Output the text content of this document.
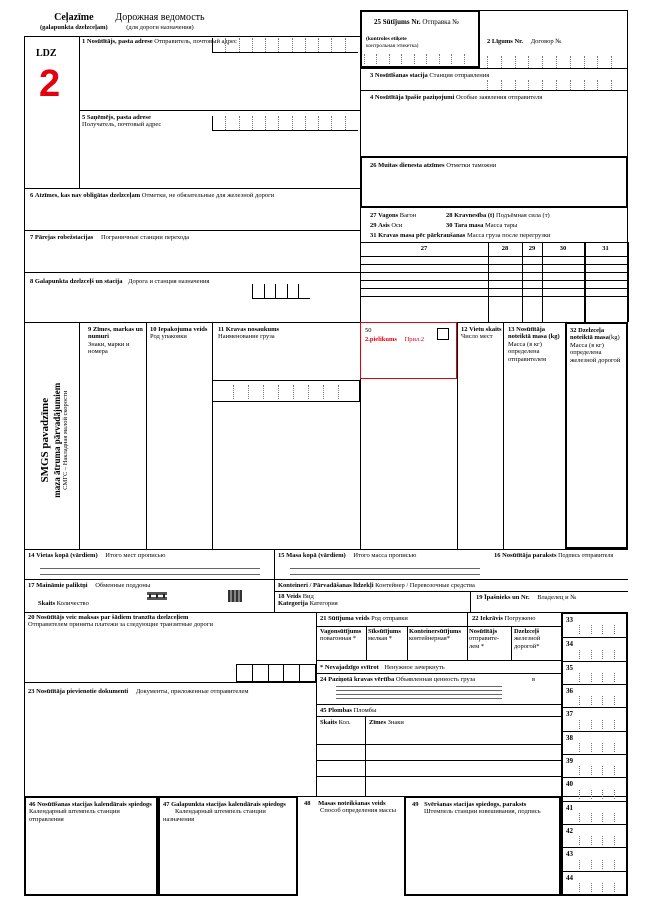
Ceļazīme
(galapunkta dzelzceļam)
Дорожная ведомость
(для дороги назначения)
LDZ
2
1 Nosūtītājs, pasta adrese Отправитель, почтовый адрес
5 Saņēmējs, pasta adrese
Получатель, почтовый адрес
6 Atzīmes, kas nav obligātas dzelzceļam Отметки, не обязательные для железной дороги
7 Pārejas robežstacijas Пограничные станции перехода
8 Galapunkta dzelzceļš un stacija Дорога и станция назначения
25 Sūtījums Nr. Отправка №
(kontroles etiķete
контрольная этикетка)
2 Līgums Nr. Договор №
3 Nosūtīšanas stacija Станция отправления
4 Nosūtītāja īpašie paziņojumi Особые заявления отправителя
26 Muitas dienesta atzīmes Отметки таможни
27 Vagons Вагон	28 Kravnesība (t) Подъёмная сила (т)
29 Asis Оси	30 Tara masa Масса тары
31 Kravas masa pēc pārkraušanas Масса груза после перегрузки
27	28	29	30	31
SMGS pavadzīme maza ātruma pārvadājumiem СМГС – Накладная малой скорости
9 Zīmes, markas un numuri
Знаки, марки и номера
10 Iepakojuma veids
Род упаковки
11 Kravas nosaukums
Наименование груза
50
2.pielikums Прил.2
12 Vietu skaits
Число мест
13 Nosūtītāja noteiktā masa (kg)
Масса (в кг) определена отправителем
32 Dzelzceļa noteiktā masa(kg)
Масса (в кг) определена железной дорогой
14 Vietas kopā (vārdiem) Итого мест прописью	15 Masa kopā (vārdiem) Итого масса прописью	16 Nosūtītāja paraksts Подпись отправителя
17 Maināmie paliktņi Обменные поддоны
Skaits Количество
Konteineri / Pārvadāšanas līdzekļi Контейнер / Перевозочные средства
18 Veids Вид
Kategorija Категория
19 Īpašnieks un Nr. Владелец и №
20 Nosūtītājs veic maksas par šādiem tranzīta dzelzceļiem
Отправителем приняты платежи за следующие транзитные дороги
23 Nosūtītāja pievienotie dokumenti Документы, приложенные отправителем
21 Sūtījuma veids Род отправки	22 Iekrāvis Погружено
Vagonsūtījums
повагонная *
Sīksūtījums
мелкая *
Konteinersūtījums
контейнерная*
Nosūtītājs
отправите-лем *
Dzelzceļš
железной дорогой*
* Nevajadzīgo svītrot Ненужное зачеркнуть
24 Paziņotā kravas vērtība Объявленная ценность груза	в
45 Plombas Пломбы
Skaits Кол.	Zīmes Знаки
33
34
35
36
37
38
39
40
41
42
43
44
46 Nosūtīšanas stacijas kalendārais spiedogs
Календарный штемпель станции отправления
47 Galapunkta stacijas kalendārais spiedogs
Календарный штемпель станции назначения
48 Masas noteikšanas veids
Способ определения массы
49 Svēršanas stacijas spiedogs, paraksts
Штемпель станции взвешивания, подпись
